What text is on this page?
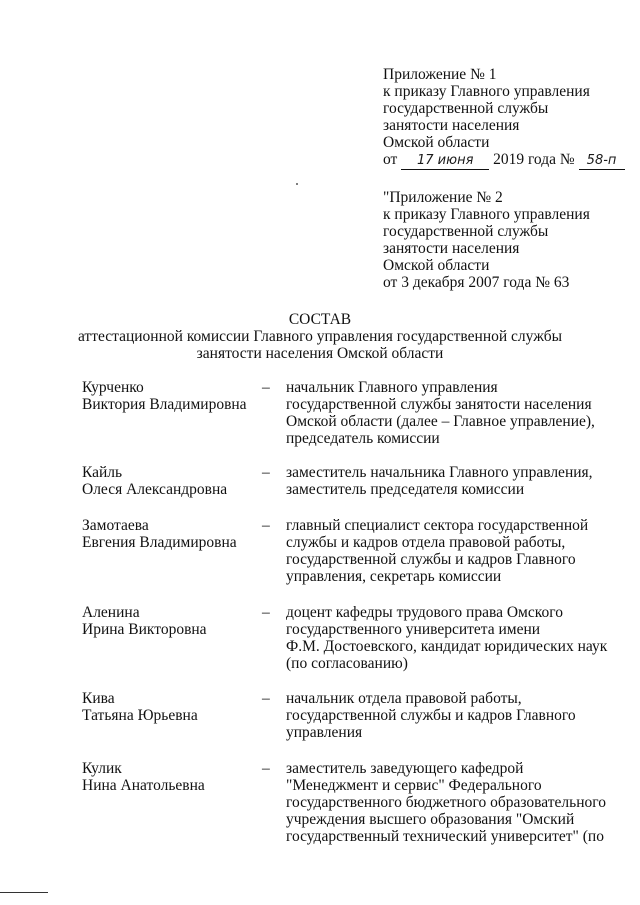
Приложение № 1
к приказу Главного управления
государственной службы
занятости населения
Омской области
от 17 июня 2019 года № 58-п
"Приложение № 2
к приказу Главного управления
государственной службы
занятости населения
Омской области
от 3 декабря 2007 года № 63
СОСТАВ
аттестационной комиссии Главного управления государственной службы
занятости населения Омской области
Курченко
Виктория Владимировна
– начальник Главного управления
государственной службы занятости населения
Омской области (далее – Главное управление),
председатель комиссии
Кайль
Олеся Александровна
– заместитель начальника Главного управления,
заместитель председателя комиссии
Замотаева
Евгения Владимировна
– главный специалист сектора государственной
службы и кадров отдела правовой работы,
государственной службы и кадров Главного
управления, секретарь комиссии
Аленина
Ирина Викторовна
– доцент кафедры трудового права Омского
государственного университета имени
Ф.М. Достоевского, кандидат юридических наук
(по согласованию)
Кива
Татьяна Юрьевна
– начальник отдела правовой работы,
государственной службы и кадров Главного
управления
Кулик
Нина Анатольевна
– заместитель заведующего кафедрой
"Менеджмент и сервис" Федерального
государственного бюджетного образовательного
учреждения высшего образования "Омский
государственный технический университет" (по
